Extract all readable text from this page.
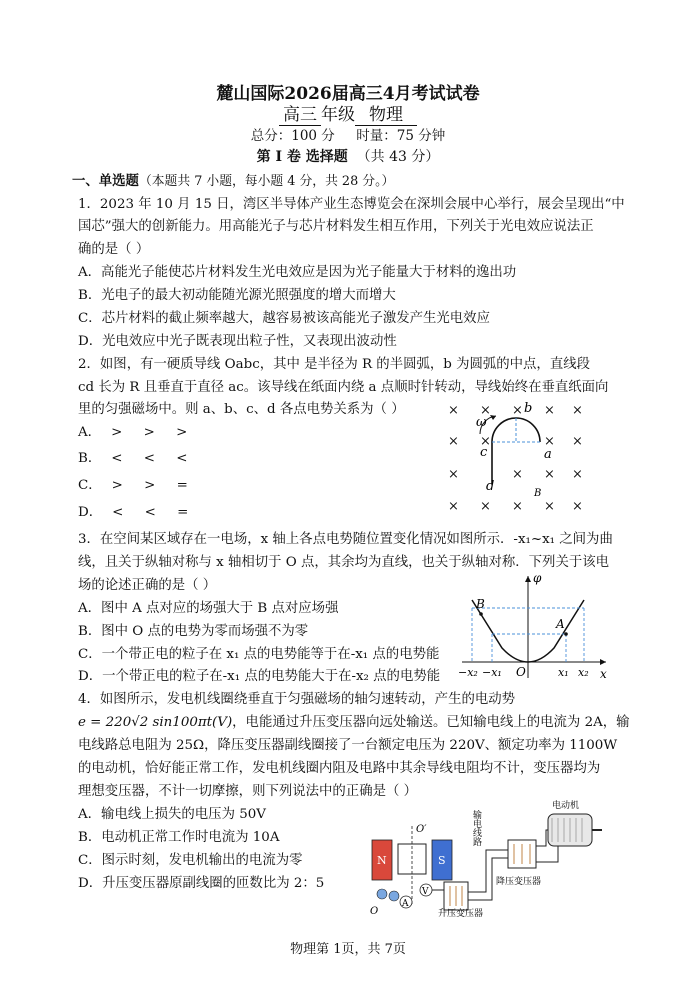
麓山国际2026届高三4月考试试卷
高三 年级 物理
总分：100 分 时量：75 分钟
第 I 卷 选择题 （共 43 分）
一、单选题（本题共 7 小题，每小题 4 分，共 28 分。）
1．2023 年 10 月 15 日，湾区半导体产业生态博览会在深圳会展中心举行，展会呈现出“中
国芯”强大的创新能力。用高能光子与芯片材料发生相互作用，下列关于光电效应说法正
确的是（ ）
A．高能光子能使芯片材料发生光电效应是因为光子能量大于材料的逸出功
B．光电子的最大初动能随光源光照强度的增大而增大
C．芯片材料的截止频率越大，越容易被该高能光子激发产生光电效应
D．光电效应中光子既表现出粒子性，又表现出波动性
2．如图，有一硬质导线 Oabc，其中 是半径为 R 的半圆弧，b 为圆弧的中点，直线段
cd 长为 R 且垂直于直径 ac。该导线在纸面内绕 a 点顺时针转动，导线始终在垂直纸面向
里的匀强磁场中。则 a、b、c、d 各点电势关系为（ ）
A． >     >     >
B． <     <     <
C． >     >     =
D． <     <     =
× × × × ×
× ×	× ×
×	× × ×
× × × × ×
ω
b
a
c
d	B
3．在空间某区域存在一电场，x 轴上各点电势随位置变化情况如图所示．-x₁~x₁ 之间为曲
线，且关于纵轴对称与 x 轴相切于 O 点，其余均为直线，也关于纵轴对称．下列关于该电
场的论述正确的是（ ）
A．图中 A 点对应的场强大于 B 点对应场强
B．图中 O 点的电势为零而场强不为零
C．一个带正电的粒子在 x₁ 点的电势能等于在-x₁ 点的电势能
D．一个带正电的粒子在-x₁ 点的电势能大于在-x₂ 点的电势能
φ
B
A
O	x
−x₂ −x₁	x₁ x₂
4．如图所示，发电机线圈绕垂直于匀强磁场的轴匀速转动，产生的电动势
e = 220√2 sin100πt(V)，电能通过升压变压器向远处输送。已知输电线上的电流为 2A，输
电线路总电阻为 25Ω，降压变压器副线圈接了一台额定电压为 220V、额定功率为 1100W
的电动机，恰好能正常工作，发电机线圈内阻及电路中其余导线电阻均不计，变压器均为
理想变压器，不计一切摩擦，则下列说法中的正确是（ ）
A．输电线上损失的电压为 50V
B．电动机正常工作时电流为 10A
C．图示时刻，发电机输出的电流为零
D．升压变压器原副线圈的匝数比为 2：5
N	S
O′
O
V
A
升压变压器
输电线路
降压变压器
电动机
物理第 1页，共 7页
